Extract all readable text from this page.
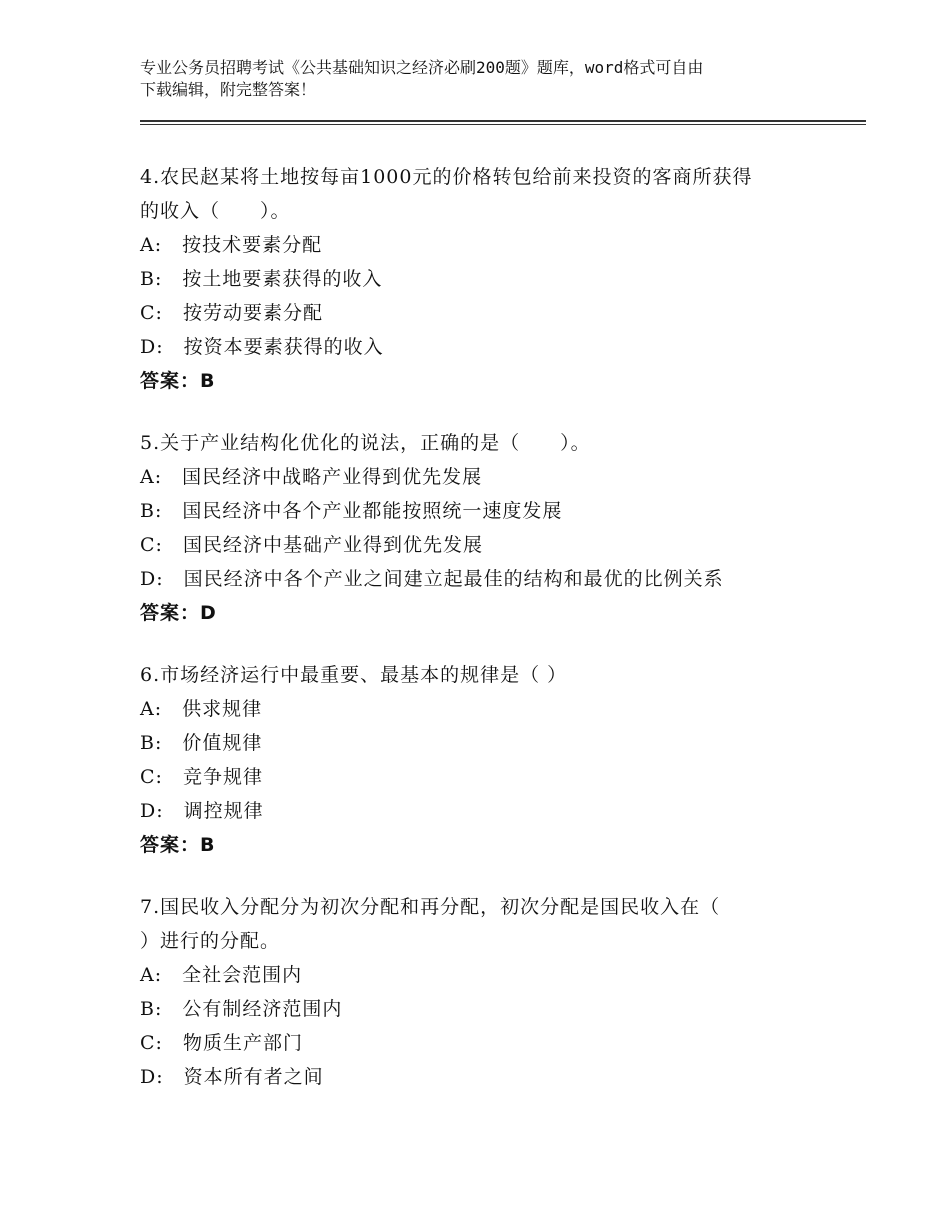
专业公务员招聘考试《公共基础知识之经济必刷200题》题库，word格式可自由
下载编辑，附完整答案！
4.农民赵某将土地按每亩1000元的价格转包给前来投资的客商所获得
的收入（　　）。
A:　按技术要素分配
B:　按土地要素获得的收入
C:　按劳动要素分配
D:　按资本要素获得的收入
答案：B
5.关于产业结构化优化的说法，正确的是（　　）。
A:　国民经济中战略产业得到优先发展
B:　国民经济中各个产业都能按照统一速度发展
C:　国民经济中基础产业得到优先发展
D:　国民经济中各个产业之间建立起最佳的结构和最优的比例关系
答案：D
6.市场经济运行中最重要、最基本的规律是（ ）
A:　供求规律
B:　价值规律
C:　竞争规律
D:　调控规律
答案：B
7.国民收入分配分为初次分配和再分配，初次分配是国民收入在（
）进行的分配。
A:　全社会范围内
B:　公有制经济范围内
C:　物质生产部门
D:　资本所有者之间
